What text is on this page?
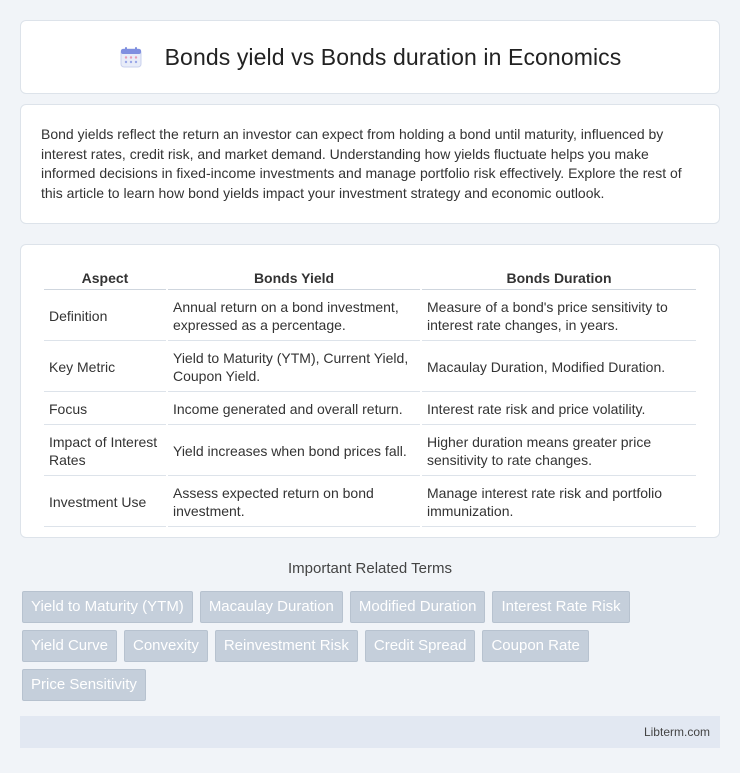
Bonds yield vs Bonds duration in Economics

Bond yields reflect the return an investor can expect from holding a bond until maturity, influenced by interest rates, credit risk, and market demand. Understanding how yields fluctuate helps you make informed decisions in fixed-income investments and manage portfolio risk effectively. Explore the rest of this article to learn how bond yields impact your investment strategy and economic outlook.

Aspect	Bonds Yield	Bonds Duration
Definition	Annual return on a bond investment, expressed as a percentage.	Measure of a bond's price sensitivity to interest rate changes, in years.
Key Metric	Yield to Maturity (YTM), Current Yield, Coupon Yield.	Macaulay Duration, Modified Duration.
Focus	Income generated and overall return.	Interest rate risk and price volatility.
Impact of Interest Rates	Yield increases when bond prices fall.	Higher duration means greater price sensitivity to rate changes.
Investment Use	Assess expected return on bond investment.	Manage interest rate risk and portfolio immunization.
Important Related Terms
Yield to Maturity (YTM)	Macaulay Duration	Modified Duration	Interest Rate Risk
Yield Curve	Convexity	Reinvestment Risk	Credit Spread	Coupon Rate
Price Sensitivity
Libterm.com
